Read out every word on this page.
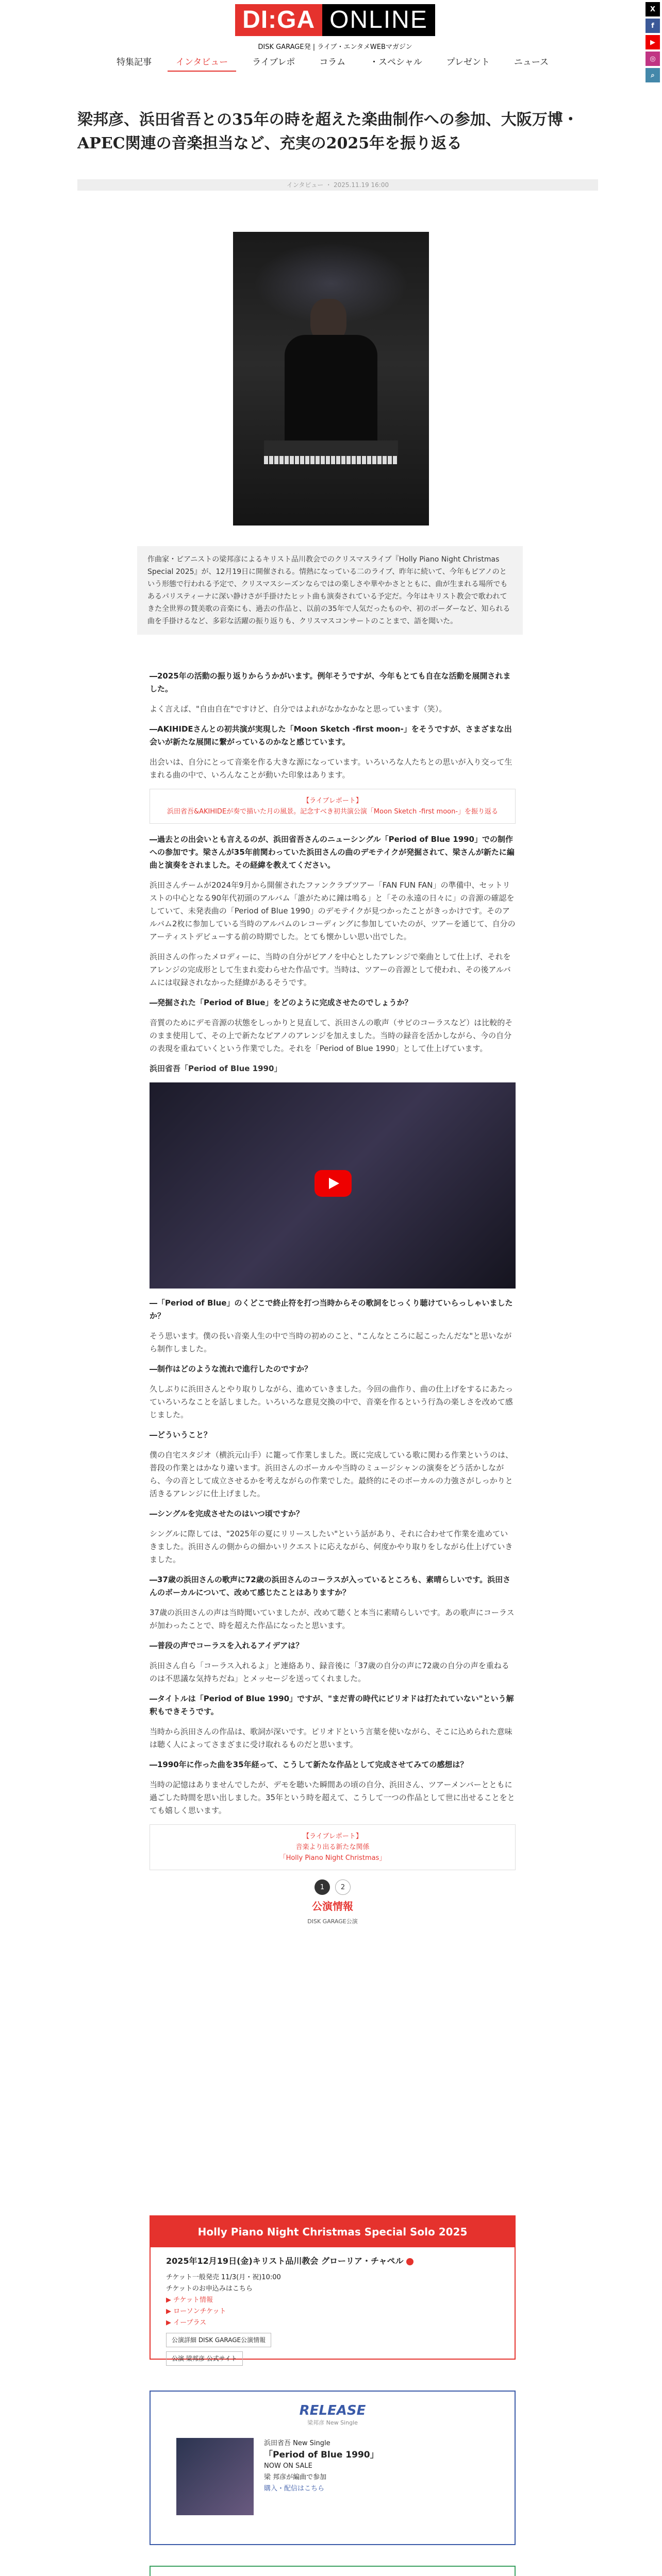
X
f
▶
◎
⌕
DI:GA ONLINE
DISK GARAGE発 | ライブ・エンタメWEBマガジン
特集記事	インタビュー	ライブレポ	コラム	・スペシャル	プレゼント	ニュース
梁邦彦、浜田省吾との35年の時を超えた楽曲制作への参加、大阪万博・APEC関連の音楽担当など、充実の2025年を振り返る
インタビュー ・ 2025.11.19 16:00
作曲家・ピアニストの梁邦彦によるキリスト品川教会でのクリスマスライブ『Holly Piano Night Christmas Special 2025』が、12月19日に開催される。情熱になっている二のライブ、昨年に続いて、今年もピアノのという形態で行われる予定で、クリスマスシーズンならではの楽しさや華やかさとともに、曲が生まれる場所でもあるパリスティーナに深い静けさが手掛けたヒット曲も演奏されている予定だ。今年はキリスト教会で歌われてきた全世界の賛美歌の音楽にも、過去の作品と、以前の35年で人気だったものや、初のボーダーなど、知られる曲を手掛けるなど、多彩な活躍の振り返りも、クリスマスコンサートのことまで、語を聞いた。

―2025年の活動の振り返りからうかがいます。例年そうですが、今年もとても自在な活動を展開されました。

よく言えば、"自由自在"ですけど、自分ではよれがなかなかなと思っています（笑）。

―AKIHIDEさんとの初共演が実現した「Moon Sketch -first moon-」をそうですが、さまざまな出会いが新たな展開に繋がっているのかなと感じています。

出会いは、自分にとって音楽を作る大きな源になっています。いろいろな人たちとの思いが入り交って生まれる曲の中で、いろんなことが動いた印象はあります。

【ライブレポート】
浜田省吾&AKIHIDEが奏で描いた月の風景。記念すべき初共演公演「Moon Sketch -first moon-」を振り返る

―過去との出会いとも言えるのが、浜田省吾さんのニューシングル「Period of Blue 1990」での制作への参加です。梁さんが35年前関わっていた浜田さんの曲のデモテイクが発掘されて、梁さんが新たに編曲と演奏をされました。その経緯を教えてください。

浜田さんチームが2024年9月から開催されたファンクラブツアー「FAN FUN FAN」の準備中、セットリストの中心となる90年代初頭のアルバム「誰がために鐘は鳴る」と「その永遠の日々に」の音源の確認をしていて、未発表曲の「Period of Blue 1990」のデモテイクが見つかったことがきっかけです。そのアルバム2枚に参加している当時のアルバムのレコーディングに参加していたのが、ツアーを通じて、自分のアーティストデビューする前の時期でした。とても懐かしい思い出でした。

浜田さんの作ったメロディーに、当時の自分がピアノを中心としたアレンジで楽曲として仕上げ、それをアレンジの完成形として生まれ変わらせた作品です。当時は、ツアーの音源として使われ、その後アルバムには収録されなかった経緯があるそうです。

―発掘された「Period of Blue」をどのように完成させたのでしょうか？

音質のためにデモ音源の状態をしっかりと見直して、浜田さんの歌声（サビのコーラスなど）は比較的そのまま使用して、その上で新たなピアノのアレンジを加えました。当時の録音を活かしながら、今の自分の表現を重ねていくという作業でした。それを「Period of Blue 1990」として仕上げています。

浜田省吾「Period of Blue 1990」

―「Period of Blue」のくどこで終止符を打つ当時からその歌詞をじっくり聴けていらっしゃいましたか？

そう思います。僕の長い音楽人生の中で当時の初めのこと、"こんなところに起こったんだな"と思いながら制作しました。

―制作はどのような流れで進行したのですか？

久しぶりに浜田さんとやり取りしながら、進めていきました。今回の曲作り、曲の仕上げをするにあたっていろいろなことを話しました。いろいろな意見交換の中で、音楽を作るという行為の楽しさを改めて感じました。

―どういうこと？

僕の自宅スタジオ（横浜元山手）に籠って作業しました。既に完成している歌に関わる作業というのは、普段の作業とはかなり違います。浜田さんのボーカルや当時のミュージシャンの演奏をどう活かしながら、今の音として成立させるかを考えながらの作業でした。最終的にそのボーカルの力強さがしっかりと活きるアレンジに仕上げました。

―シングルを完成させたのはいつ頃ですか？

シングルに際しては、"2025年の夏にリリースしたい"という話があり、それに合わせて作業を進めていきました。浜田さんの側からの細かいリクエストに応えながら、何度かやり取りをしながら仕上げていきました。

―37歳の浜田さんの歌声に72歳の浜田さんのコーラスが入っているところも、素晴らしいです。浜田さんのボーカルについて、改めて感じたことはありますか？

37歳の浜田さんの声は当時聞いていましたが、改めて聴くと本当に素晴らしいです。あの歌声にコーラスが加わったことで、時を超えた作品になったと思います。

―普段の声でコーラスを入れるアイデアは？

浜田さん自ら「コーラス入れるよ」と連絡あり、録音後に「37歳の自分の声に72歳の自分の声を重ねるのは不思議な気持ちだね」とメッセージを送ってくれました。

―タイトルは「Period of Blue 1990」ですが、"まだ青の時代にピリオドは打たれていない"という解釈もできそうです。

当時から浜田さんの作品は、歌詞が深いです。ピリオドという言葉を使いながら、そこに込められた意味は聴く人によってさまざまに受け取れるものだと思います。

―1990年に作った曲を35年経って、こうして新たな作品として完成させてみての感想は？

当時の記憶はありませんでしたが、デモを聴いた瞬間あの頃の自分、浜田さん、ツアーメンバーとともに過ごした時間を思い出しました。35年という時を超えて、こうして一つの作品として世に出せることをとても嬉しく思います。

【ライブレポート】
音楽より出る新たな関係
「Holly Piano Night Christmas」
1	2
公演情報
DISK GARAGE公演
Holly Piano Night Christmas Special Solo 2025
2025年12月19日(金)キリスト品川教会 グローリア・チャペル
チケット一般発売 11/3(月・祝)10:00
チケットのお申込みはこちら
▶ チケット情報
▶ ローソンチケット
▶ イープラス
公演詳細 DISK GARAGE公演情報
公演 梁邦彦 公式サイト
RELEASE
梁邦彦 New Single
浜田省吾 New Single
「Period of Blue 1990」
NOW ON SALE
梁 邦彦が編曲で参加
購入・配信はこちら
